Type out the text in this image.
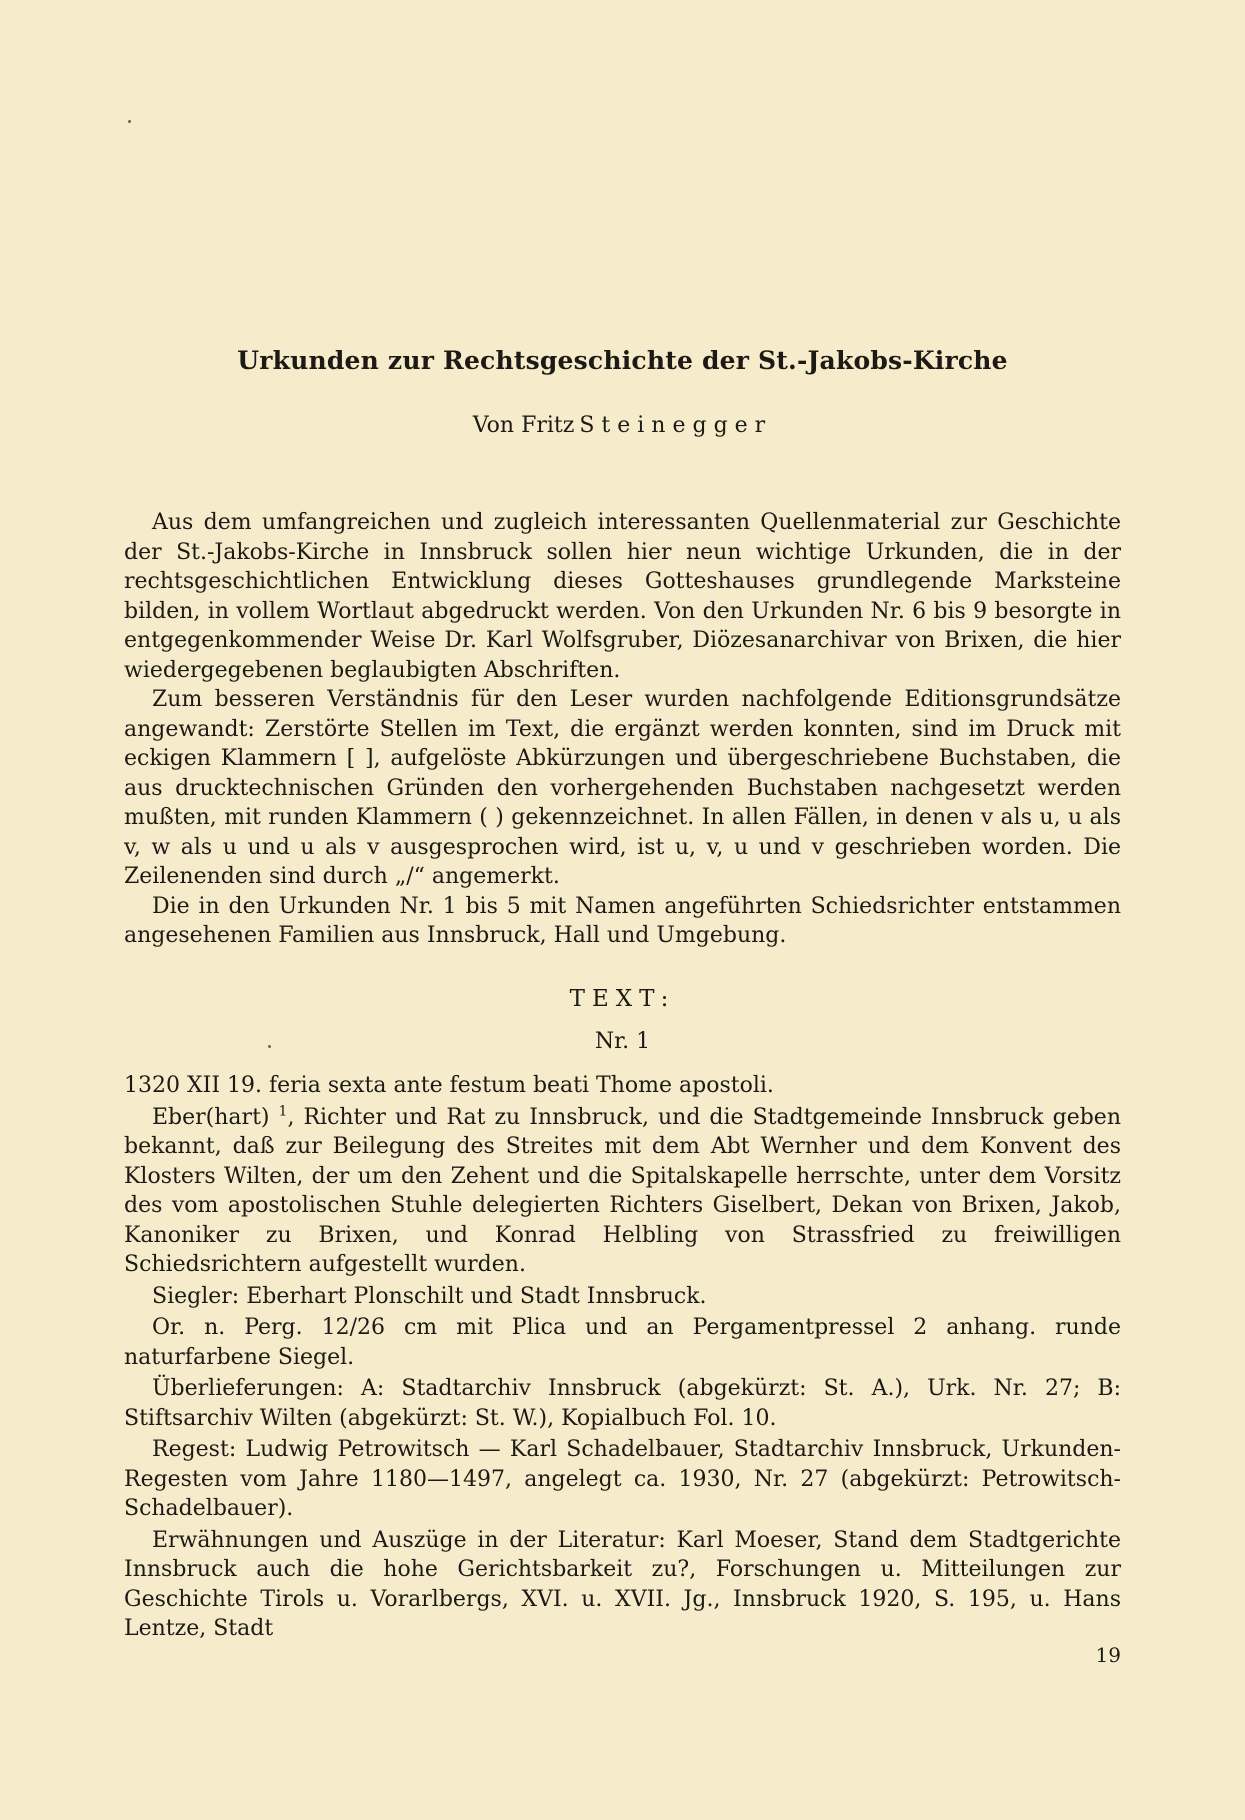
Urkunden zur Rechtsgeschichte der St.-Jakobs-Kirche
Von Fritz Steinegger

Aus dem umfangreichen und zugleich interessanten Quellenmaterial zur Geschichte der St.-Jakobs-Kirche in Innsbruck sollen hier neun wichtige Urkunden, die in der rechtsgeschichtlichen Entwicklung dieses Gotteshauses grundlegende Marksteine bilden, in vollem Wortlaut abgedruckt werden. Von den Urkunden Nr. 6 bis 9 besorgte in entgegenkommender Weise Dr. Karl Wolfsgruber, Diözesanarchivar von Brixen, die hier wiedergegebenen beglaubigten Abschriften.

Zum besseren Verständnis für den Leser wurden nachfolgende Editionsgrundsätze angewandt: Zerstörte Stellen im Text, die ergänzt werden konnten, sind im Druck mit eckigen Klammern [ ], aufgelöste Abkürzungen und übergeschriebene Buchstaben, die aus drucktechnischen Gründen den vorhergehenden Buchstaben nachgesetzt werden mußten, mit runden Klammern ( ) gekennzeichnet. In allen Fällen, in denen v als u, u als v, w als u und u als v ausgesprochen wird, ist u, v, u und v geschrieben worden. Die Zeilenenden sind durch „/“ angemerkt.

Die in den Urkunden Nr. 1 bis 5 mit Namen angeführten Schiedsrichter entstammen angesehenen Familien aus Innsbruck, Hall und Umgebung.

TEXT:
Nr. 1

1320 XII 19. feria sexta ante festum beati Thome apostoli.

Eber(hart) $^1$, Richter und Rat zu Innsbruck, und die Stadtgemeinde Innsbruck geben bekannt, daß zur Beilegung des Streites mit dem Abt Wernher und dem Konvent des Klosters Wilten, der um den Zehent und die Spitalskapelle herrschte, unter dem Vorsitz des vom apostolischen Stuhle delegierten Richters Giselbert, Dekan von Brixen, Jakob, Kanoniker zu Brixen, und Konrad Helbling von Strassfried zu freiwilligen Schiedsrichtern aufgestellt wurden.

Siegler: Eberhart Plonschilt und Stadt Innsbruck.

Or. n. Perg. 12/26 cm mit Plica und an Pergamentpressel 2 anhang. runde naturfarbene Siegel.

Überlieferungen: A: Stadtarchiv Innsbruck (abgekürzt: St. A.), Urk. Nr. 27; B: Stiftsarchiv Wilten (abgekürzt: St. W.), Kopialbuch Fol. 10.

Regest: Ludwig Petrowitsch — Karl Schadelbauer, Stadtarchiv Innsbruck, Urkunden-Regesten vom Jahre 1180—1497, angelegt ca. 1930, Nr. 27 (abgekürzt: Petrowitsch-Schadelbauer).

Erwähnungen und Auszüge in der Literatur: Karl Moeser, Stand dem Stadtgerichte Innsbruck auch die hohe Gerichtsbarkeit zu?, Forschungen u. Mitteilungen zur Geschichte Tirols u. Vorarlbergs, XVI. u. XVII. Jg., Innsbruck 1920, S. 195, u. Hans Lentze, Stadt

19
